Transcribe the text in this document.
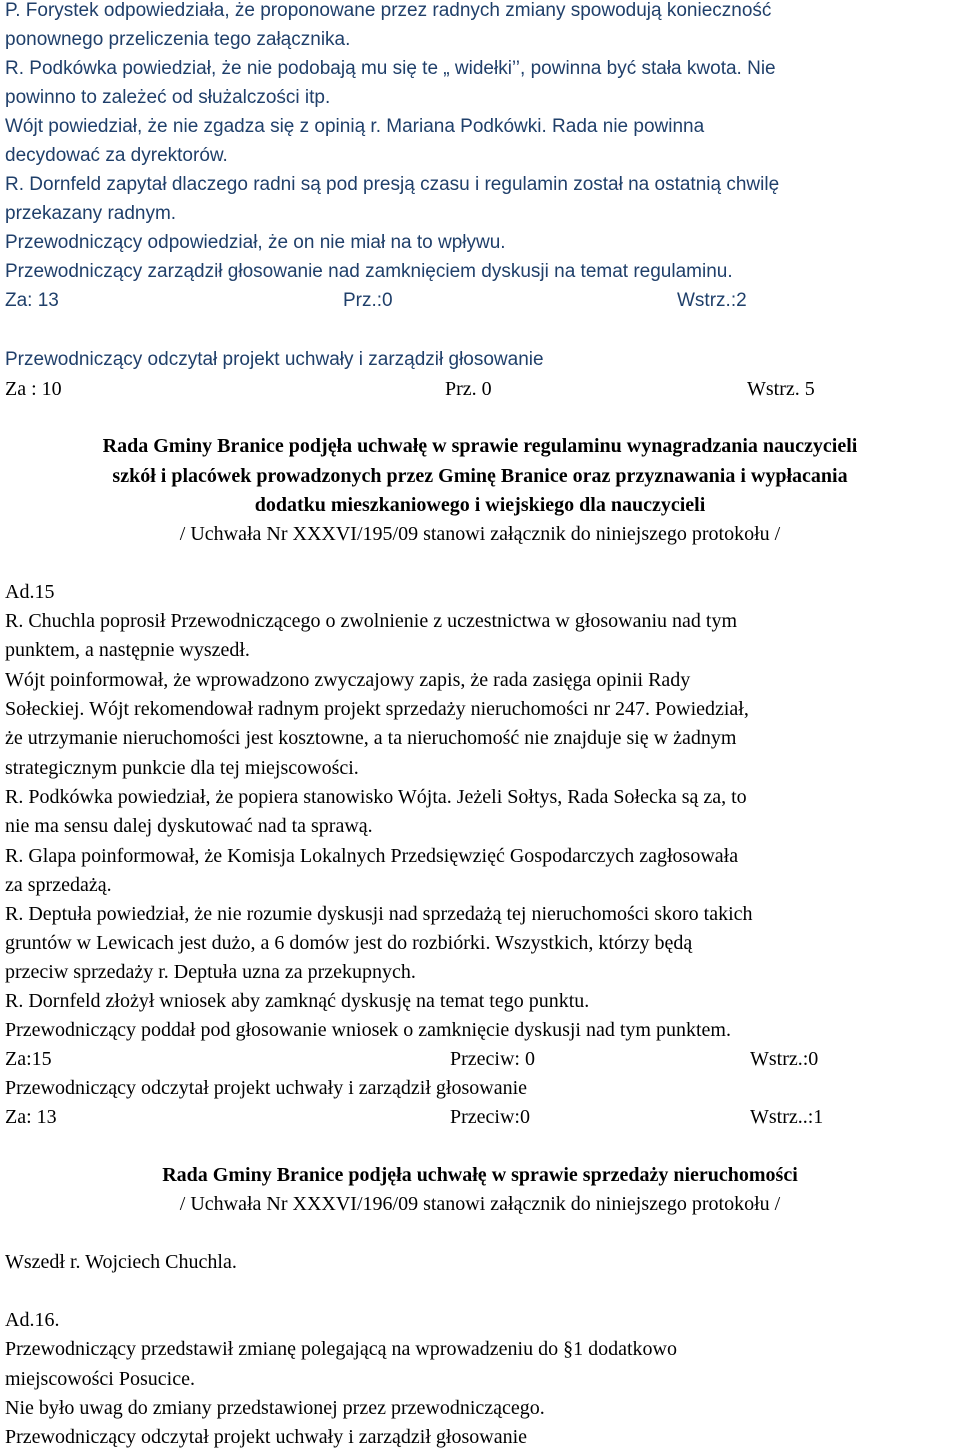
P. Forystek odpowiedziała, że proponowane przez radnych zmiany spowodują konieczność
ponownego przeliczenia tego załącznika.
R. Podkówka powiedział, że nie podobają mu się te „ widełki’’, powinna być stała kwota. Nie
powinno to zależeć od służalczości itp.
Wójt powiedział, że nie zgadza się z opinią r. Mariana Podkówki. Rada nie powinna
decydować za dyrektorów.
R. Dornfeld zapytał dlaczego radni są pod presją czasu i regulamin został na ostatnią chwilę
przekazany radnym.
Przewodniczący odpowiedział, że on nie miał na to wpływu.
Przewodniczący zarządził głosowanie nad zamknięciem dyskusji na temat regulaminu.
Za: 13	Prz.:0	Wstrz.:2
Przewodniczący odczytał projekt uchwały i zarządził głosowanie
Za : 10	Prz. 0	Wstrz. 5
Rada Gminy Branice podjęła uchwałę w sprawie regulaminu wynagradzania nauczycieli
szkół i placówek prowadzonych przez Gminę Branice oraz przyznawania i wypłacania
dodatku mieszkaniowego i wiejskiego dla nauczycieli
/ Uchwała Nr XXXVI/195/09 stanowi załącznik do niniejszego protokołu /
Ad.15
R. Chuchla poprosił Przewodniczącego o zwolnienie z uczestnictwa w głosowaniu nad tym
punktem, a następnie wyszedł.
Wójt poinformował, że wprowadzono zwyczajowy zapis, że rada zasięga opinii Rady
Sołeckiej. Wójt rekomendował radnym projekt sprzedaży nieruchomości nr 247. Powiedział,
że utrzymanie nieruchomości jest kosztowne, a ta nieruchomość nie znajduje się w żadnym
strategicznym punkcie dla tej miejscowości.
R. Podkówka powiedział, że popiera stanowisko Wójta. Jeżeli Sołtys, Rada Sołecka są za, to
nie ma sensu dalej dyskutować nad ta sprawą.
R. Glapa poinformował, że Komisja Lokalnych Przedsięwzięć Gospodarczych zagłosowała
za sprzedażą.
R. Deptuła powiedział, że nie rozumie dyskusji nad sprzedażą tej nieruchomości skoro takich
gruntów w Lewicach jest dużo, a 6 domów jest do rozbiórki. Wszystkich, którzy będą
przeciw sprzedaży r. Deptuła uzna za przekupnych.
R. Dornfeld złożył wniosek aby zamknąć dyskusję na temat tego punktu.
Przewodniczący poddał pod głosowanie wniosek o zamknięcie dyskusji nad tym punktem.
Za:15	Przeciw: 0	Wstrz.:0
Przewodniczący odczytał projekt uchwały i zarządził głosowanie
Za: 13	Przeciw:0	Wstrz..:1
Rada Gminy Branice podjęła uchwałę w sprawie sprzedaży nieruchomości
/ Uchwała Nr XXXVI/196/09 stanowi załącznik do niniejszego protokołu /
Wszedł r. Wojciech Chuchla.
Ad.16.
Przewodniczący przedstawił zmianę polegającą na wprowadzeniu do §1 dodatkowo
miejscowości Posucice.
Nie było uwag do zmiany przedstawionej przez przewodniczącego.
Przewodniczący odczytał projekt uchwały i zarządził głosowanie
